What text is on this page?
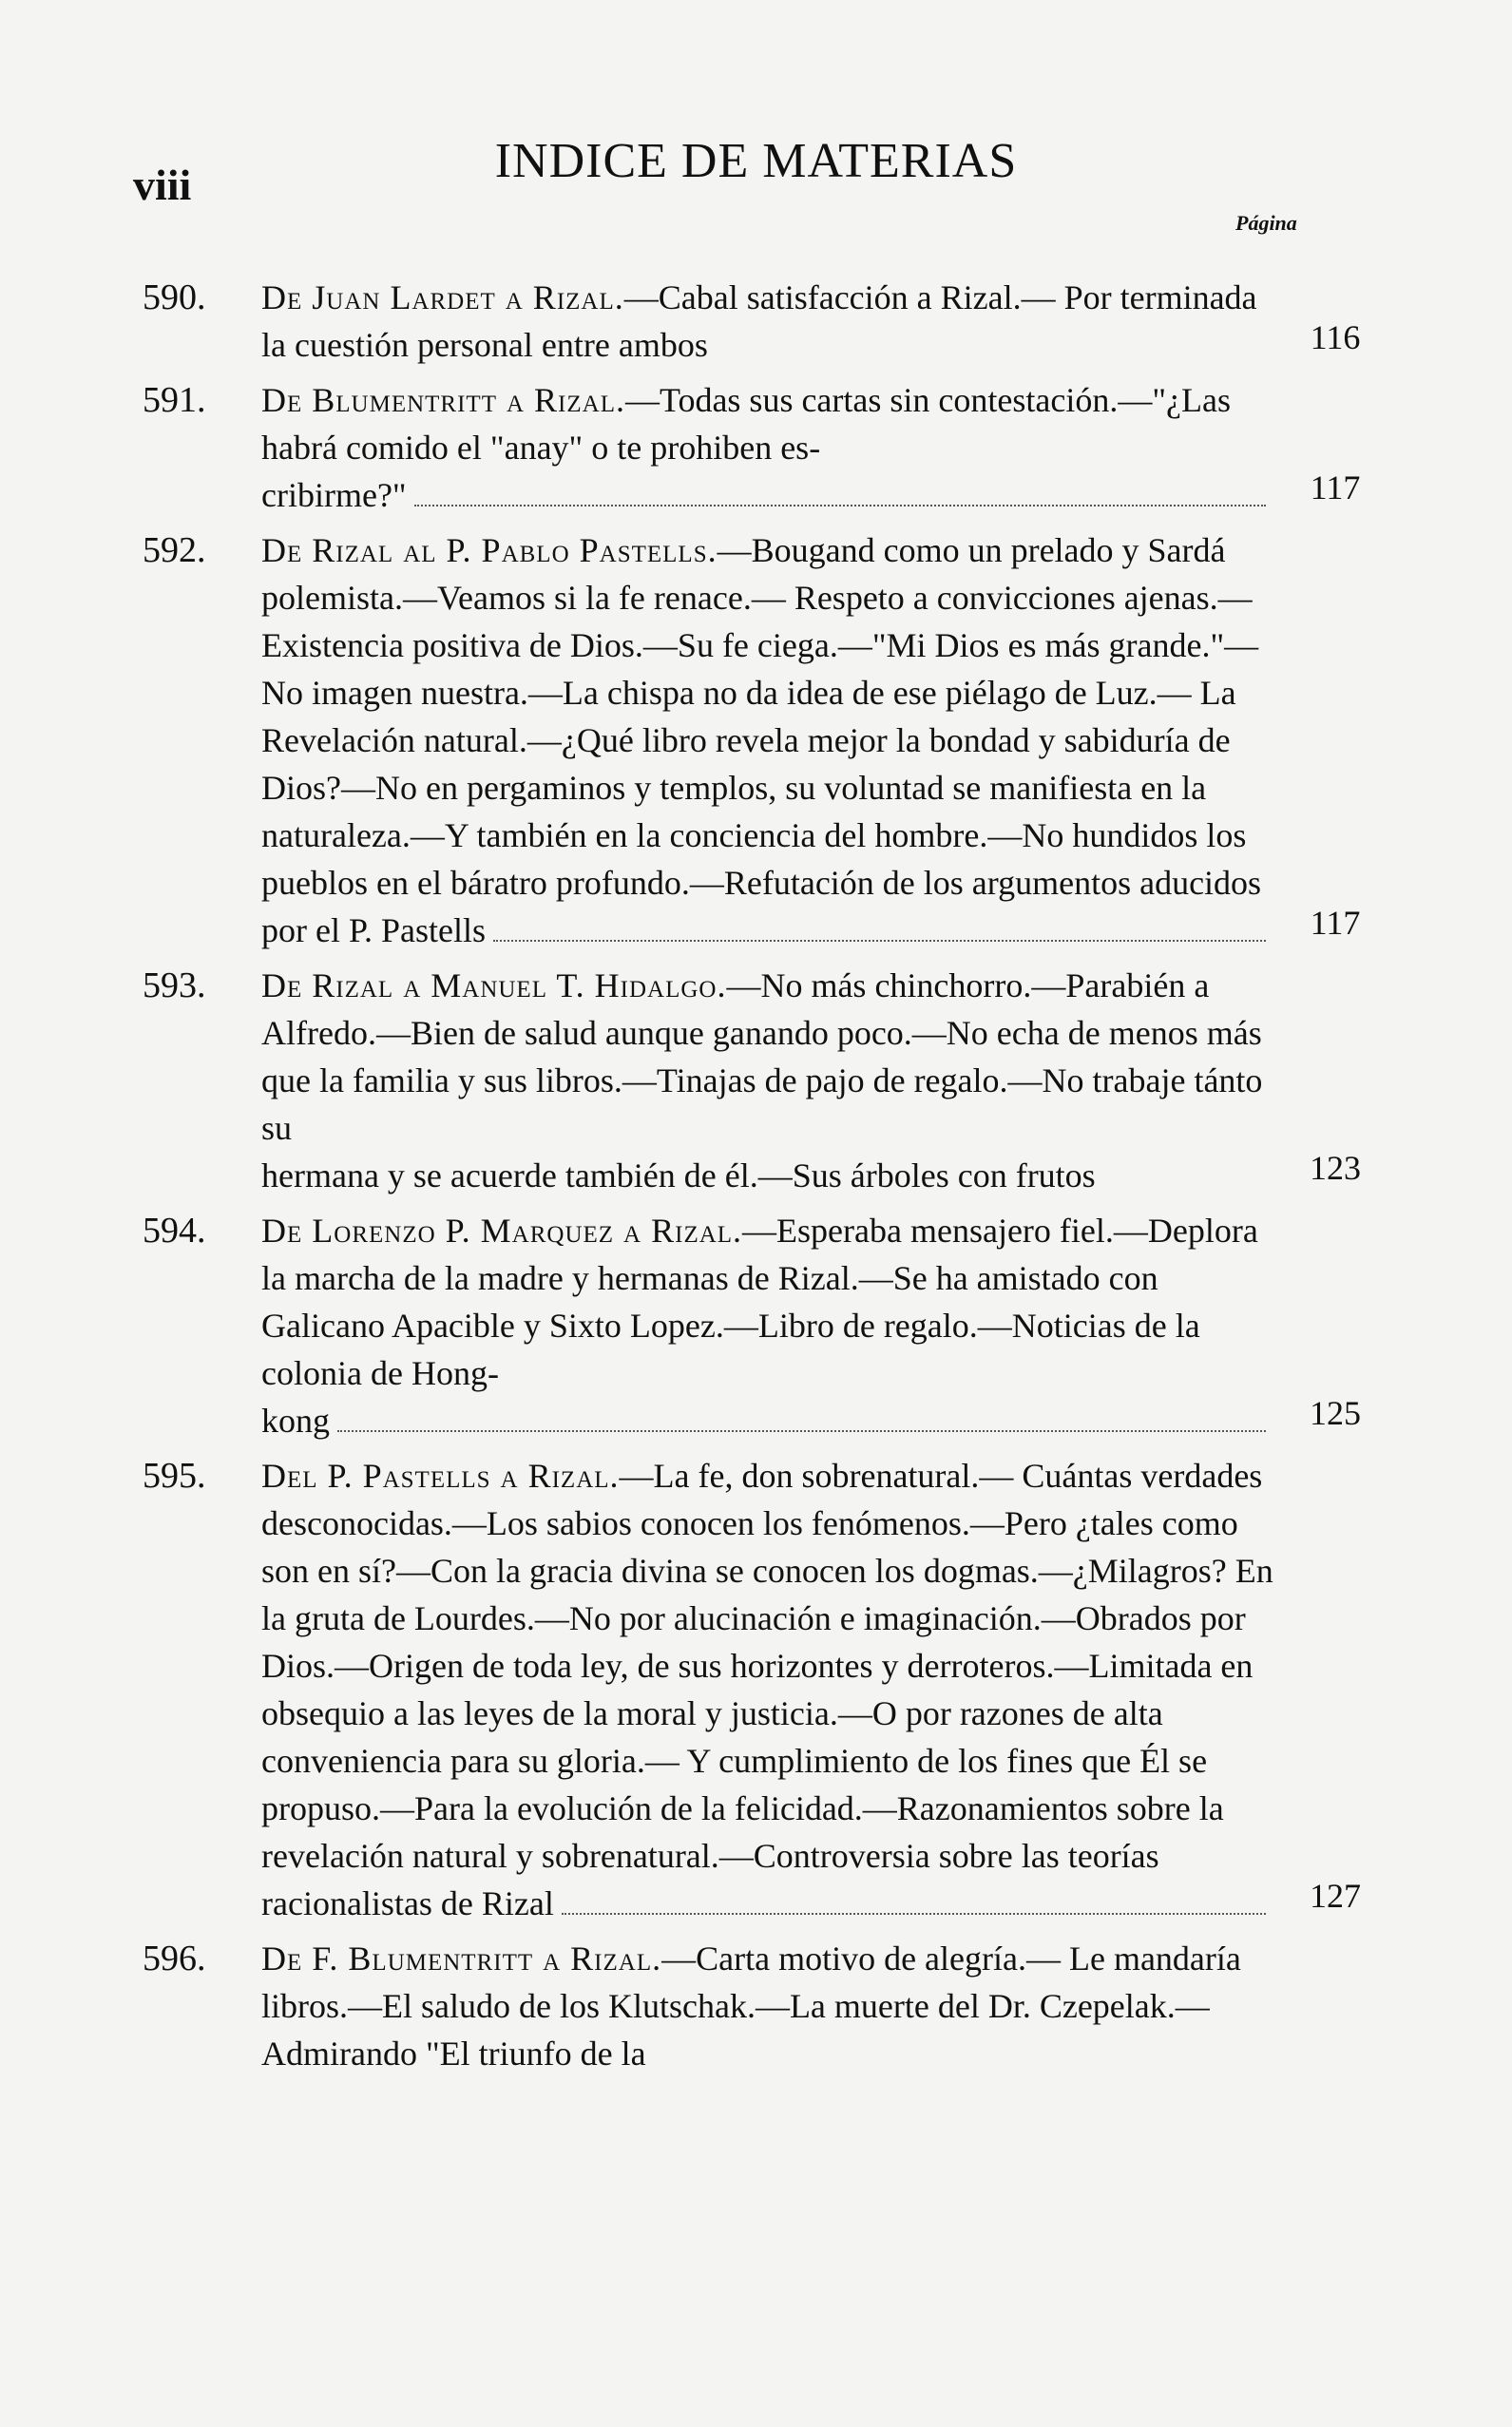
viii	INDICE DE MATERIAS
Página
590. De Juan Lardet a Rizal.—Cabal satisfacción a Rizal.— Por terminada la cuestión personal entre ambos	116
591. De Blumentritt a Rizal.—Todas sus cartas sin contestación.—"¿Las habrá comido el "anay" o te prohiben es-
cribirme?"	117
592. De Rizal al P. Pablo Pastells.—Bougand como un prelado y Sardá polemista.—Veamos si la fe renace.— Respeto a convicciones ajenas.—Existencia positiva de Dios.—Su fe ciega.—"Mi Dios es más grande."—No imagen nuestra.—La chispa no da idea de ese piélago de Luz.— La Revelación natural.—¿Qué libro revela mejor la bondad y sabiduría de Dios?—No en pergaminos y templos, su voluntad se manifiesta en la naturaleza.—Y también en la conciencia del hombre.—No hundidos los pueblos en el báratro profundo.—Refutación de los argumentos aducidos
por el P. Pastells	117
593. De Rizal a Manuel T. Hidalgo.—No más chinchorro.—Parabién a Alfredo.—Bien de salud aunque ganando poco.—No echa de menos más que la familia y sus libros.—Tinajas de pajo de regalo.—No trabaje tánto su
hermana y se acuerde también de él.—Sus árboles con frutos	123
594. De Lorenzo P. Marquez a Rizal.—Esperaba mensajero fiel.—Deplora la marcha de la madre y hermanas de Rizal.—Se ha amistado con Galicano Apacible y Sixto Lopez.—Libro de regalo.—Noticias de la colonia de Hong-
kong	125
595. Del P. Pastells a Rizal.—La fe, don sobrenatural.— Cuántas verdades desconocidas.—Los sabios conocen los fenómenos.—Pero ¿tales como son en sí?—Con la gracia divina se conocen los dogmas.—¿Milagros? En la gruta de Lourdes.—No por alucinación e imaginación.—Obrados por Dios.—Origen de toda ley, de sus horizontes y derroteros.—Limitada en obsequio a las leyes de la moral y justicia.—O por razones de alta conveniencia para su gloria.— Y cumplimiento de los fines que Él se propuso.—Para la evolución de la felicidad.—Razonamientos sobre la revelación natural y sobrenatural.—Controversia sobre las teorías
racionalistas de Rizal	127
596. De F. Blumentritt a Rizal.—Carta motivo de alegría.— Le mandaría libros.—El saludo de los Klutschak.—La muerte del Dr. Czepelak.—Admirando "El triunfo de la
